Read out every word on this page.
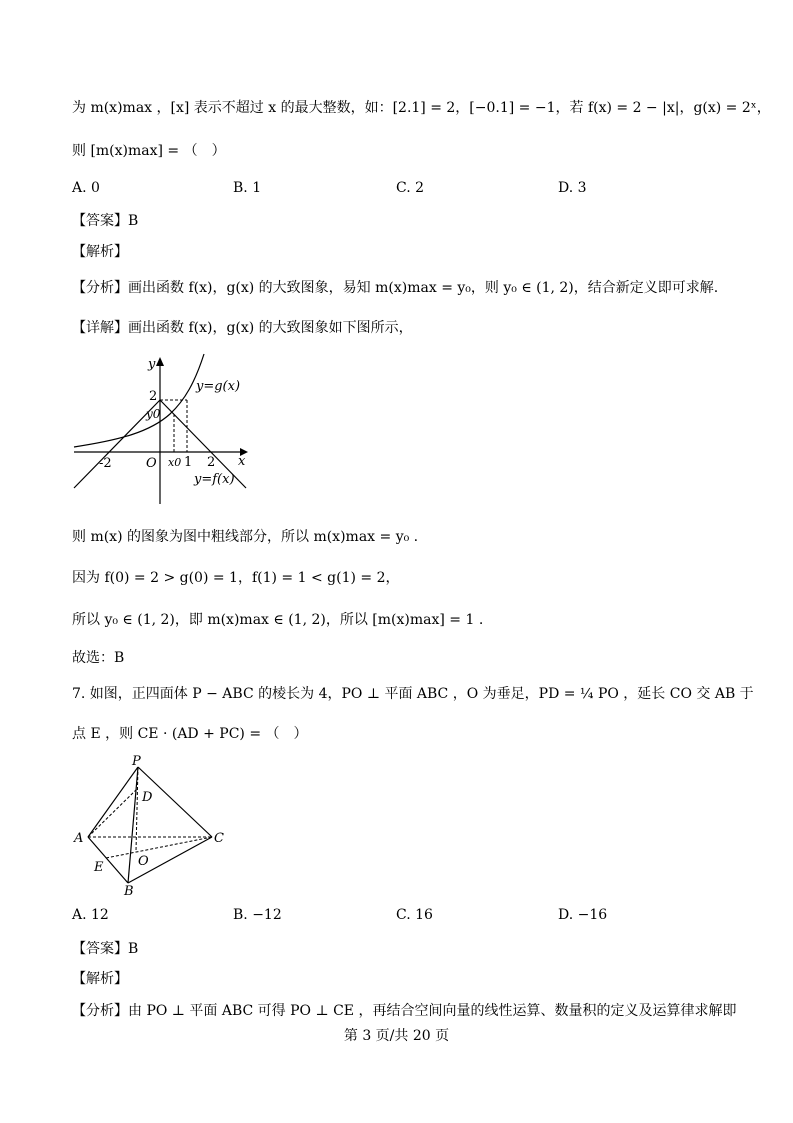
为 m(x)max ，[x] 表示不超过 x 的最大整数，如：[2.1] = 2，[−0.1] = −1，若 f(x) = 2 − |x|，g(x) = 2ˣ，
则 [m(x)max] = （　）
A. 0	B. 1	C. 2	D. 3
【答案】B
【解析】
【分析】画出函数 f(x)，g(x) 的大致图象，易知 m(x)max = y₀，则 y₀ ∈ (1, 2)，结合新定义即可求解.
【详解】画出函数 f(x)，g(x) 的大致图象如下图所示，
y
x
O
-2
2
y0
x0 1 2
y=g(x)
y=f(x)
则 m(x) 的图象为图中粗线部分，所以 m(x)max = y₀ .
因为 f(0) = 2 > g(0) = 1，f(1) = 1 < g(1) = 2，
所以 y₀ ∈ (1, 2)，即 m(x)max ∈ (1, 2)，所以 [m(x)max] = 1 .
故选：B
7. 如图，正四面体 P − ABC 的棱长为 4，PO ⊥ 平面 ABC ，O 为垂足，PD = ¼ PO ，延长 CO 交 AB 于
点 E ，则 CE · (AD + PC) = （　）
P
D
A	C
E	O
B
A. 12	B. −12	C. 16	D. −16
【答案】B
【解析】
【分析】由 PO ⊥ 平面 ABC 可得 PO ⊥ CE ，再结合空间向量的线性运算、数量积的定义及运算律求解即
第 3 页/共 20 页
